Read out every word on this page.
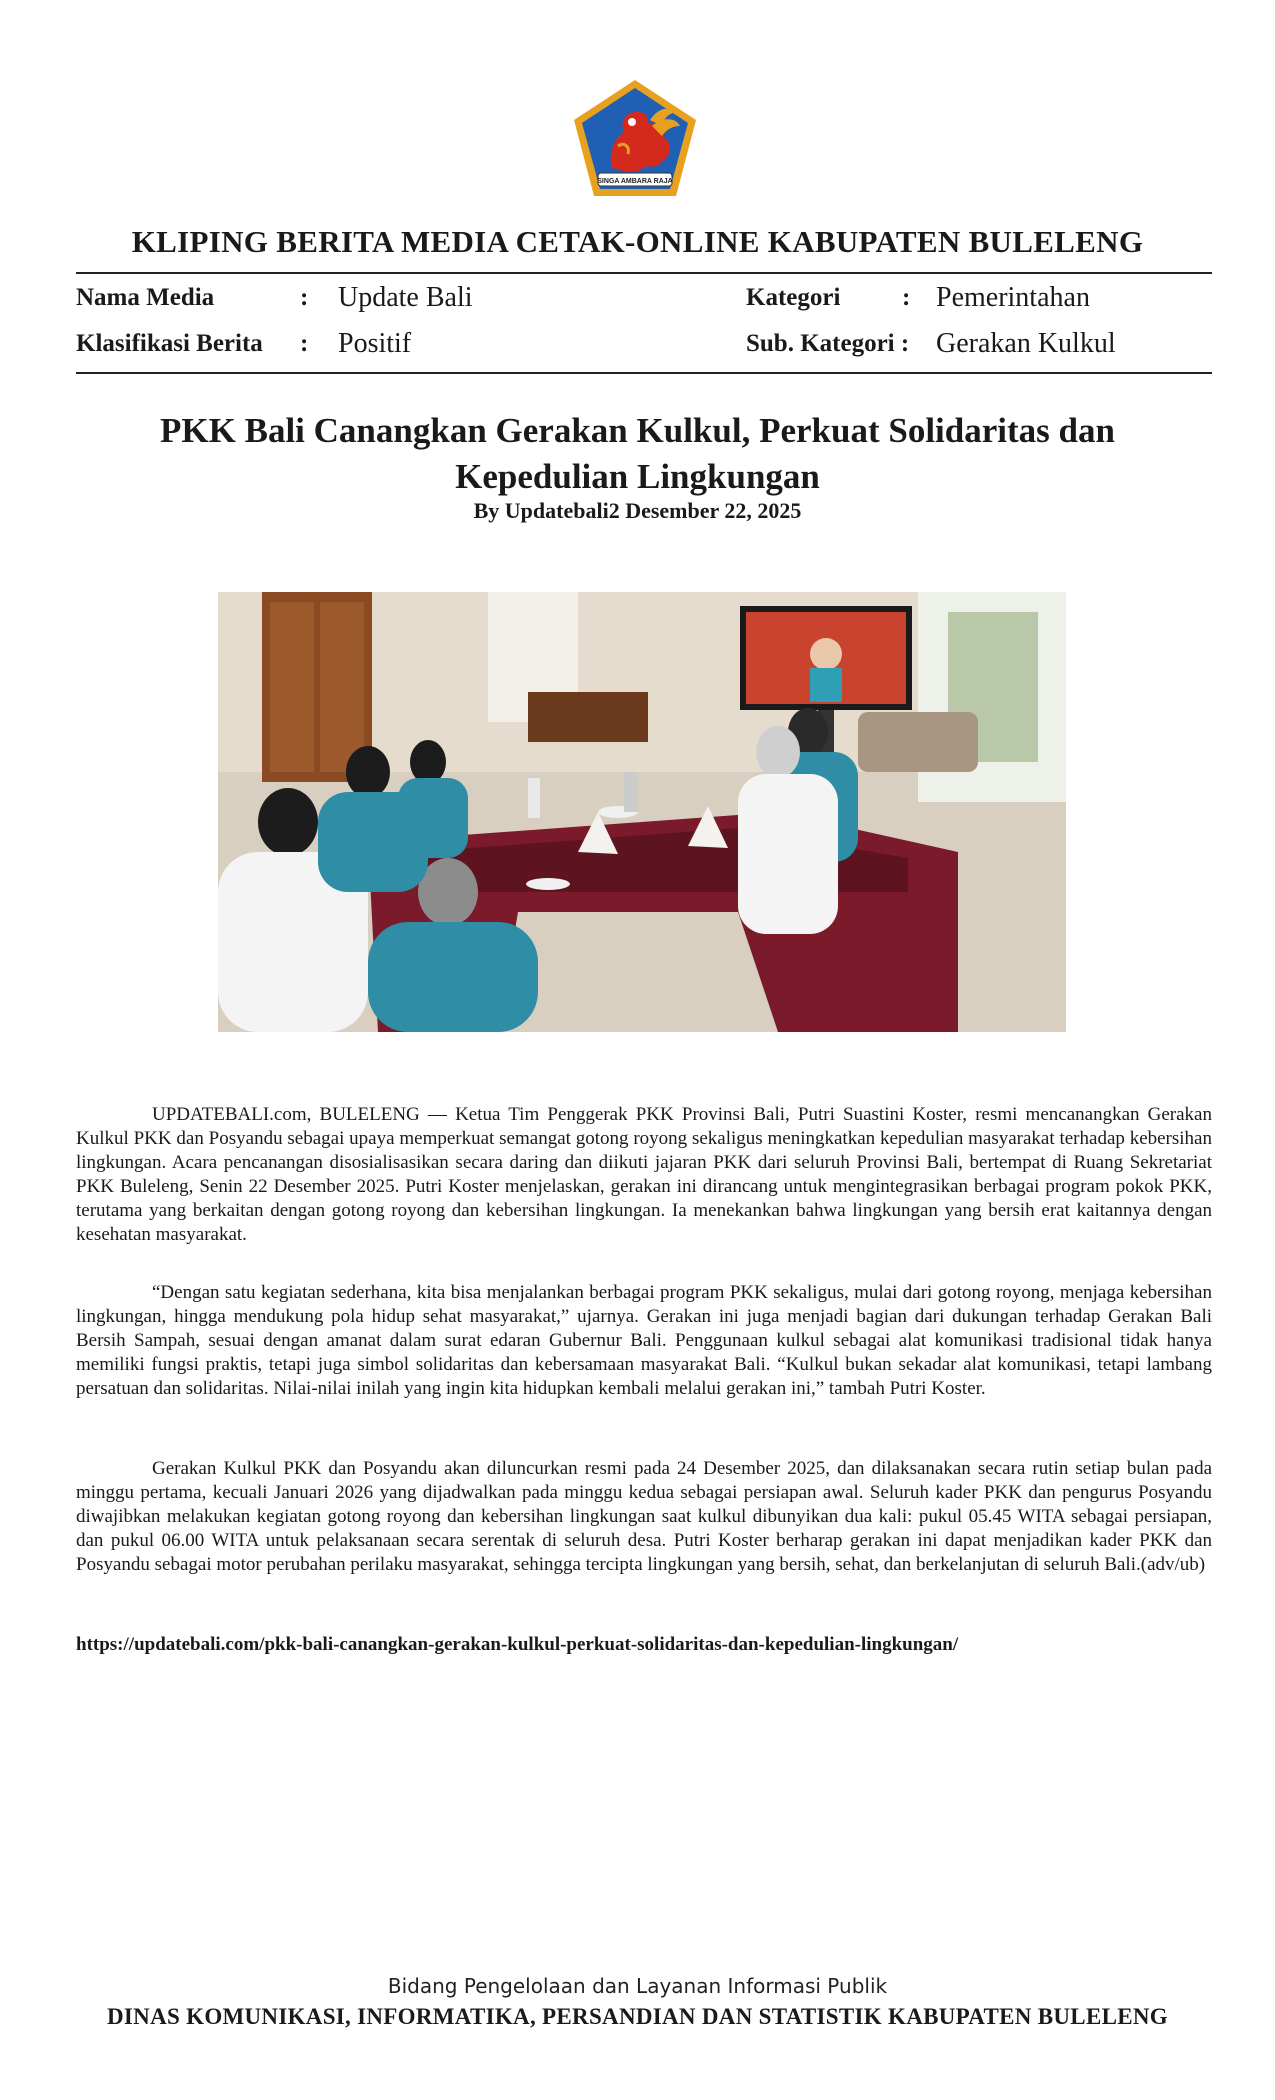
SINGA AMBARA RAJA
KLIPING BERITA MEDIA CETAK-ONLINE KABUPATEN BULELENG
Nama Media	: Update Bali	Kategori : Pemerintahan
Klasifikasi Berita : Positif	Sub. Kategori : Gerakan Kulkul
PKK Bali Canangkan Gerakan Kulkul, Perkuat Solidaritas dan Kepedulian Lingkungan
By Updatebali2 Desember 22, 2025
UPDATEBALI.com, BULELENG — Ketua Tim Penggerak PKK Provinsi Bali, Putri Suastini Koster, resmi mencanangkan Gerakan Kulkul PKK dan Posyandu sebagai upaya memperkuat semangat gotong royong sekaligus meningkatkan kepedulian masyarakat terhadap kebersihan lingkungan. Acara pencanangan disosialisasikan secara daring dan diikuti jajaran PKK dari seluruh Provinsi Bali, bertempat di Ruang Sekretariat PKK Buleleng, Senin 22 Desember 2025. Putri Koster menjelaskan, gerakan ini dirancang untuk mengintegrasikan berbagai program pokok PKK, terutama yang berkaitan dengan gotong royong dan kebersihan lingkungan. Ia menekankan bahwa lingkungan yang bersih erat kaitannya dengan kesehatan masyarakat.
“Dengan satu kegiatan sederhana, kita bisa menjalankan berbagai program PKK sekaligus, mulai dari gotong royong, menjaga kebersihan lingkungan, hingga mendukung pola hidup sehat masyarakat,” ujarnya. Gerakan ini juga menjadi bagian dari dukungan terhadap Gerakan Bali Bersih Sampah, sesuai dengan amanat dalam surat edaran Gubernur Bali. Penggunaan kulkul sebagai alat komunikasi tradisional tidak hanya memiliki fungsi praktis, tetapi juga simbol solidaritas dan kebersamaan masyarakat Bali. “Kulkul bukan sekadar alat komunikasi, tetapi lambang persatuan dan solidaritas. Nilai-nilai inilah yang ingin kita hidupkan kembali melalui gerakan ini,” tambah Putri Koster.
Gerakan Kulkul PKK dan Posyandu akan diluncurkan resmi pada 24 Desember 2025, dan dilaksanakan secara rutin setiap bulan pada minggu pertama, kecuali Januari 2026 yang dijadwalkan pada minggu kedua sebagai persiapan awal. Seluruh kader PKK dan pengurus Posyandu diwajibkan melakukan kegiatan gotong royong dan kebersihan lingkungan saat kulkul dibunyikan dua kali: pukul 05.45 WITA sebagai persiapan, dan pukul 06.00 WITA untuk pelaksanaan secara serentak di seluruh desa. Putri Koster berharap gerakan ini dapat menjadikan kader PKK dan Posyandu sebagai motor perubahan perilaku masyarakat, sehingga tercipta lingkungan yang bersih, sehat, dan berkelanjutan di seluruh Bali.(adv/ub)
https://updatebali.com/pkk-bali-canangkan-gerakan-kulkul-perkuat-solidaritas-dan-kepedulian-lingkungan/
Bidang Pengelolaan dan Layanan Informasi Publik
DINAS KOMUNIKASI, INFORMATIKA, PERSANDIAN DAN STATISTIK KABUPATEN BULELENG
